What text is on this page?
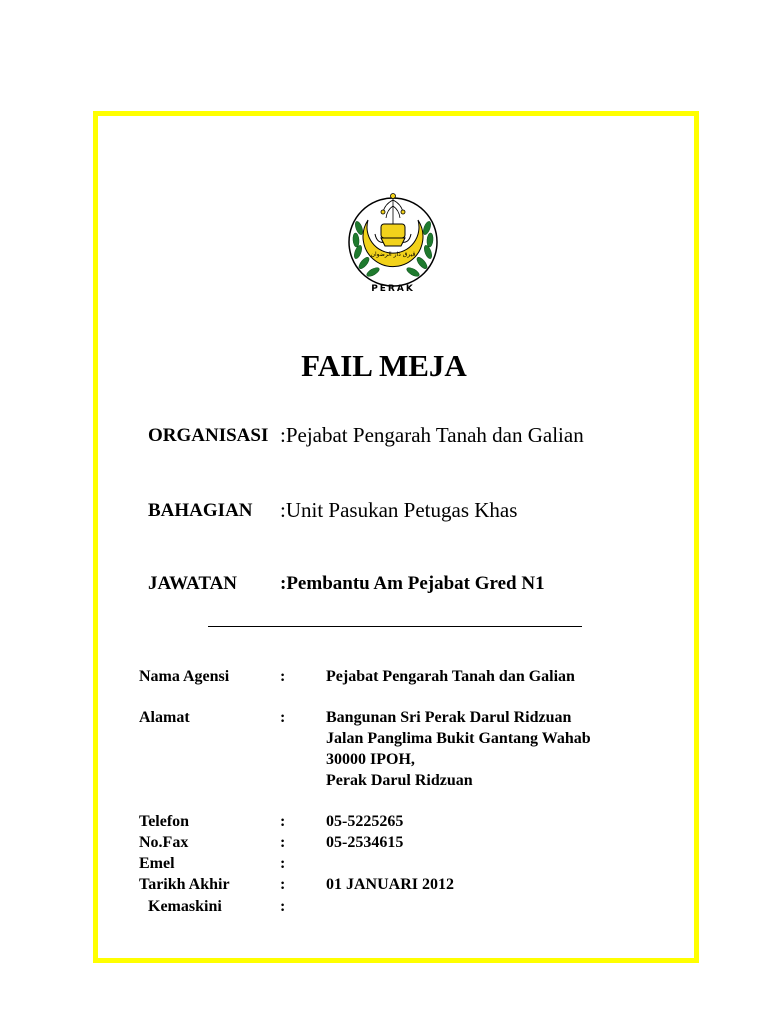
ڤيرق دار الرضوان
PERAK
FAIL MEJA
ORGANISASI :Pejabat Pengarah Tanah dan Galian
BAHAGIAN :Unit Pasukan Petugas Khas
JAWATAN :Pembantu Am Pejabat Gred N1
Nama Agensi	:	Pejabat Pengarah Tanah dan Galian
Alamat	:	Bangunan Sri Perak Darul Ridzuan
Jalan Panglima Bukit Gantang Wahab
30000 IPOH,
Perak Darul Ridzuan
Telefon	:	05-5225265
No.Fax	:	05-2534615
Emel	:
Tarikh Akhir	:	01 JANUARI 2012
Kemaskini	:
